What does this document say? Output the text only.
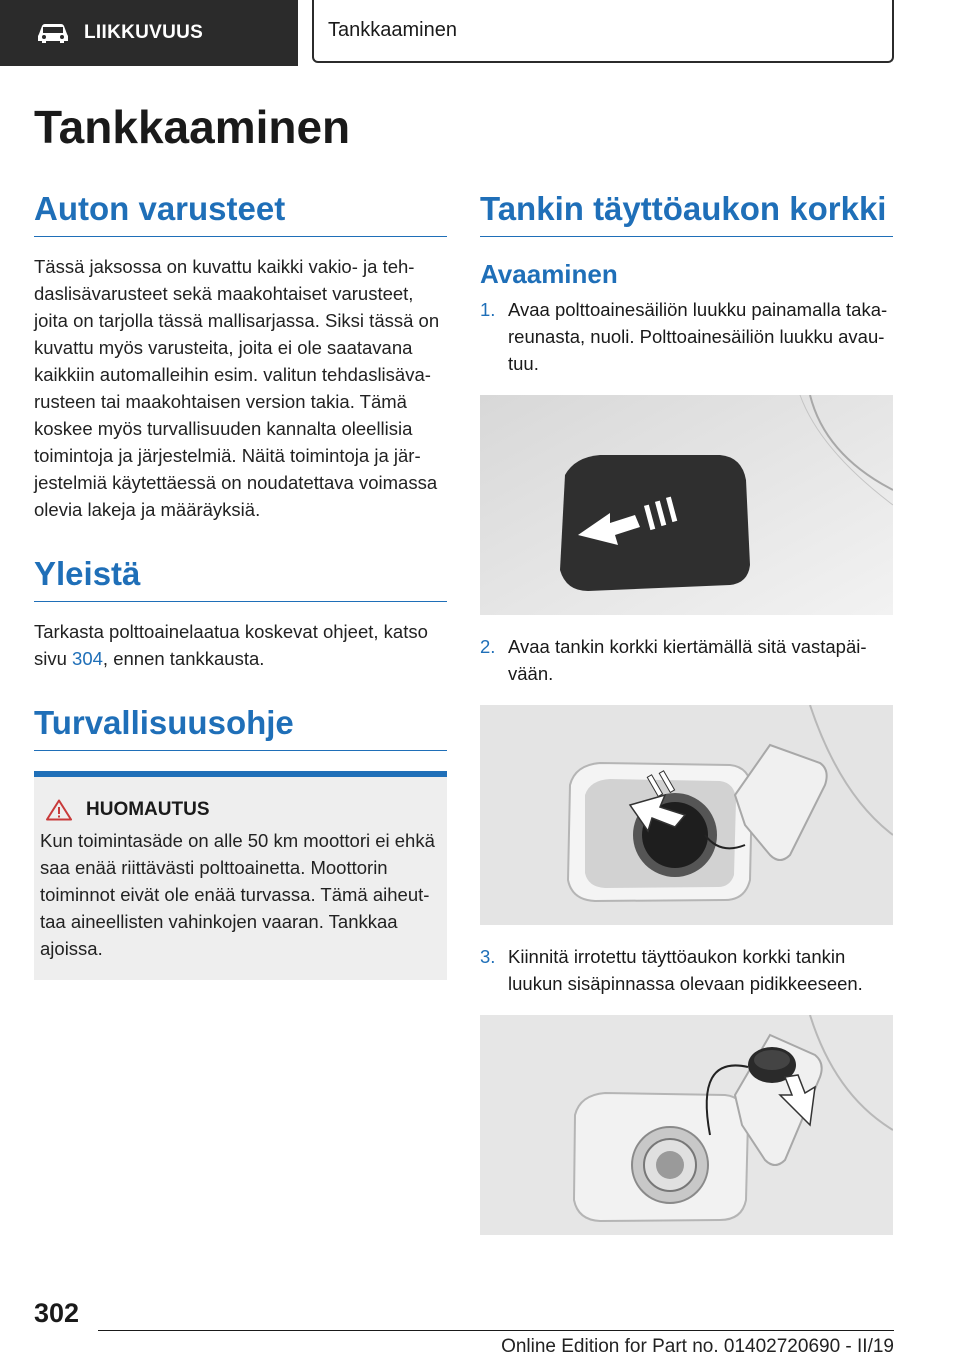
LIIKKUVUUS	Tankkaaminen
Tankkaaminen
Auton varusteet

Tässä jaksossa on kuvattu kaikki vakio- ja tehdaslisävarusteet sekä maakohtaiset varusteet, joita on tarjolla tässä mallisarjassa. Siksi tässä on kuvattu myös varusteita, joita ei ole saatavana kaikkiin automalleihin esim. valitun tehdaslisävarusteen tai maakohtaisen version takia. Tämä koskee myös turvallisuuden kannalta oleellisia toimintoja ja järjestelmiä. Näitä toimintoja ja järjestelmiä käytettäessä on noudatettava voimassa olevia lakeja ja määräyksiä.

Yleistä

Tarkasta polttoainelaatua koskevat ohjeet, katso sivu 304, ennen tankkausta.

Turvallisuusohje
HUOMAUTUS

Kun toimintasäde on alle 50 km moottori ei ehkä saa enää riittävästi polttoainetta. Moottorin toiminnot eivät ole enää turvassa. Tämä aiheuttaa aineellisten vahinkojen vaaran. Tankkaa ajoissa.

Tankin täyttöaukon korkki
Avaaminen
1. Avaa polttoainesäiliön luukku painamalla takareunasta, nuoli. Polttoainesäiliön luukku avautuu.
2. Avaa tankin korkki kiertämällä sitä vastapäivään.
3. Kiinnitä irrotettu täyttöaukon korkki tankin luukun sisäpinnassa olevaan pidikkeeseen.
302
Online Edition for Part no. 01402720690 - II/19
